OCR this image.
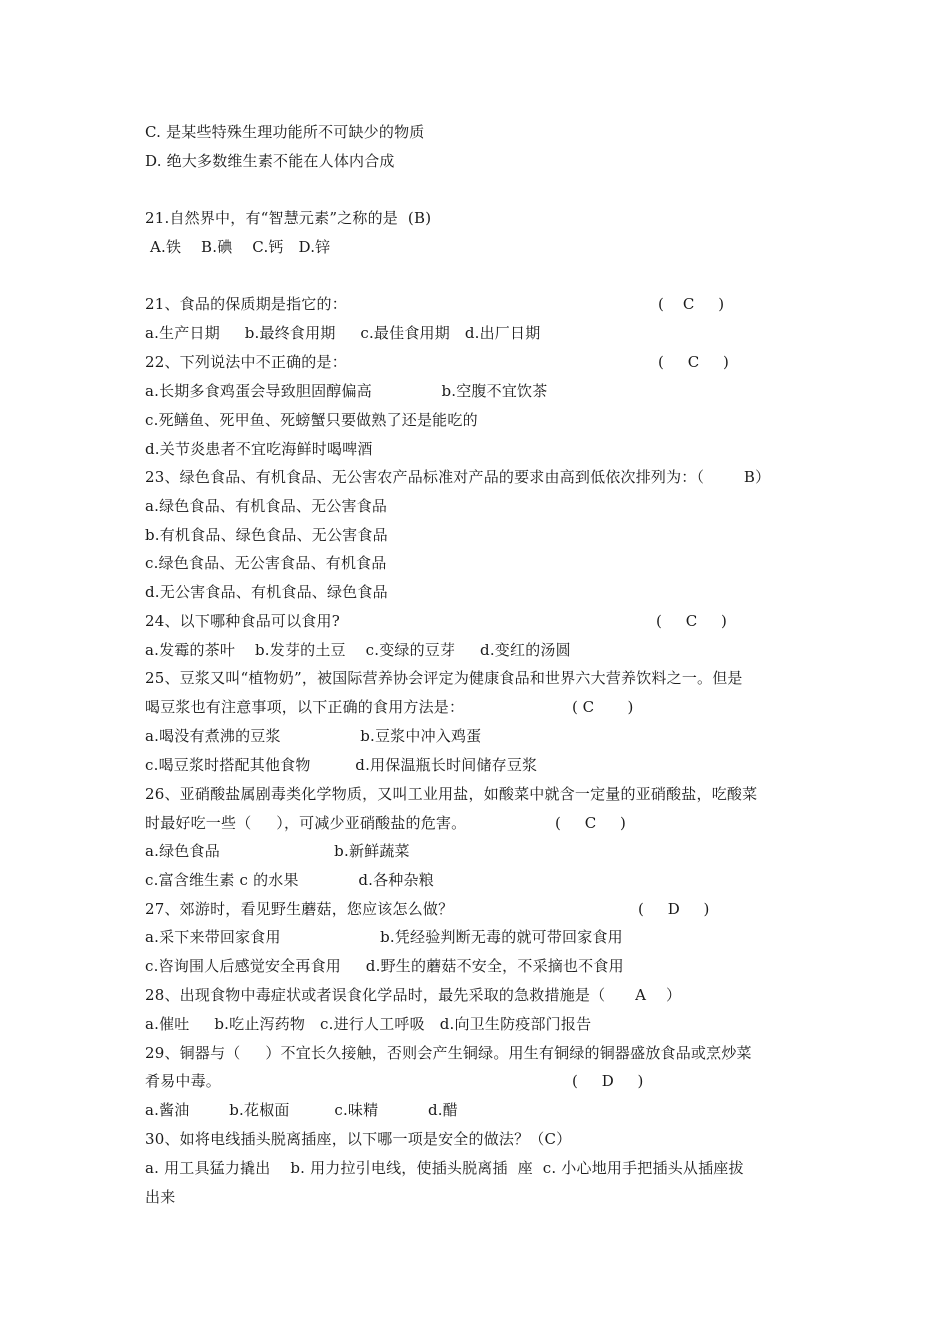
C. 是某些特殊生理功能所不可缺少的物质
D. 绝大多数维生素不能在人体内合成
21.自然界中，有“智慧元素”之称的是  (B)
A.铁    B.碘    C.钙   D.锌
21、食品的保质期是指它的：	(    C     )
a.生产日期     b.最终食用期     c.最佳食用期   d.出厂日期
22、下列说法中不正确的是：	(     C     )
a.长期多食鸡蛋会导致胆固醇偏高              b.空腹不宜饮茶
c.死鳝鱼、死甲鱼、死螃蟹只要做熟了还是能吃的
d.关节炎患者不宜吃海鲜时喝啤酒
23、绿色食品、有机食品、无公害农产品标准对产品的要求由高到低依次排列为：（        B）
a.绿色食品、有机食品、无公害食品
b.有机食品、绿色食品、无公害食品
c.绿色食品、无公害食品、有机食品
d.无公害食品、有机食品、绿色食品
24、以下哪种食品可以食用?	(     C     )
a.发霉的茶叶    b.发芽的土豆    c.变绿的豆芽     d.变红的汤圆
25、豆浆又叫“植物奶”，被国际营养协会评定为健康食品和世界六大营养饮料之一。但是
喝豆浆也有注意事项，以下正确的食用方法是：	( C       )
a.喝没有煮沸的豆浆                b.豆浆中冲入鸡蛋
c.喝豆浆时搭配其他食物         d.用保温瓶长时间储存豆浆
26、亚硝酸盐属剧毒类化学物质，又叫工业用盐，如酸菜中就含一定量的亚硝酸盐，吃酸菜
时最好吃一些（     ），可减少亚硝酸盐的危害。	(     C     )
a.绿色食品                       b.新鲜蔬菜
c.富含维生素 c 的水果            d.各种杂粮
27、郊游时，看见野生蘑菇，您应该怎么做？	(     D     )
a.采下来带回家食用                    b.凭经验判断无毒的就可带回家食用
c.咨询围人后感觉安全再食用     d.野生的蘑菇不安全，不采摘也不食用
28、出现食物中毒症状或者误食化学品时，最先采取的急救措施是（      A    ）
a.催吐     b.吃止泻药物   c.进行人工呼吸   d.向卫生防疫部门报告
29、铜器与（     ）不宜长久接触，否则会产生铜绿。用生有铜绿的铜器盛放食品或烹炒菜
肴易中毒。	(     D     )
a.酱油        b.花椒面         c.味精          d.醋
30、如将电线插头脱离插座，以下哪一项是安全的做法？（C）
a. 用工具猛力撬出    b. 用力拉引电线，使插头脱离插  座  c. 小心地用手把插头从插座拔
出来
